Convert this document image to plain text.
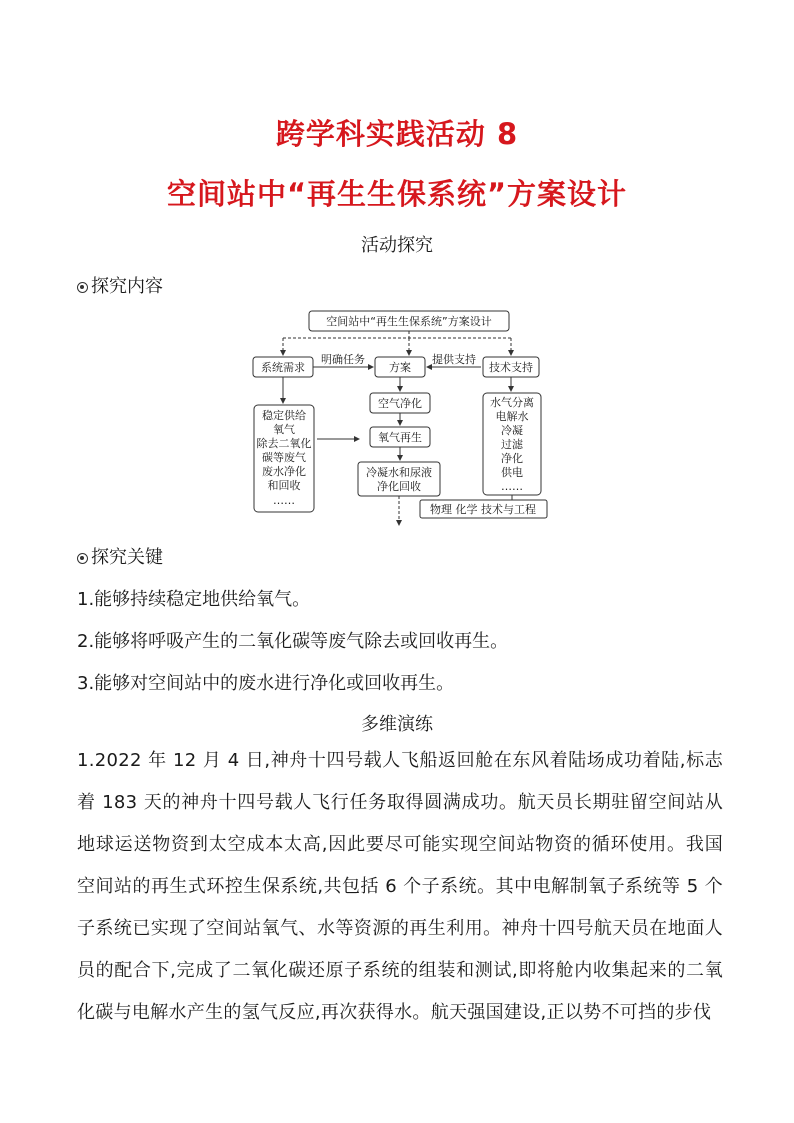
跨学科实践活动 8
空间站中“再生生保系统”方案设计
活动探究
探究内容
空间站中“再生生保系统”方案设计
系统需求	方案	技术支持
明确任务	提供支持
稳定供给
氧气
除去二氧化
碳等废气
废水净化
和回收
……
空气净化
氧气再生
冷凝水和尿液
净化回收
水气分离
电解水
冷凝
过滤
净化
供电
……
物理 化学 技术与工程
探究关键
1.能够持续稳定地供给氧气。
2.能够将呼吸产生的二氧化碳等废气除去或回收再生。
3.能够对空间站中的废水进行净化或回收再生。
多维演练
1.2022 年 12 月 4 日,神舟十四号载人飞船返回舱在东风着陆场成功着陆,标志着 183 天的神舟十四号载人飞行任务取得圆满成功。航天员长期驻留空间站从地球运送物资到太空成本太高,因此要尽可能实现空间站物资的循环使用。我国空间站的再生式环控生保系统,共包括 6 个子系统。其中电解制氧子系统等 5 个子系统已实现了空间站氧气、水等资源的再生利用。神舟十四号航天员在地面人员的配合下,完成了二氧化碳还原子系统的组装和测试,即将舱内收集起来的二氧化碳与电解水产生的氢气反应,再次获得水。航天强国建设,正以势不可挡的步伐
